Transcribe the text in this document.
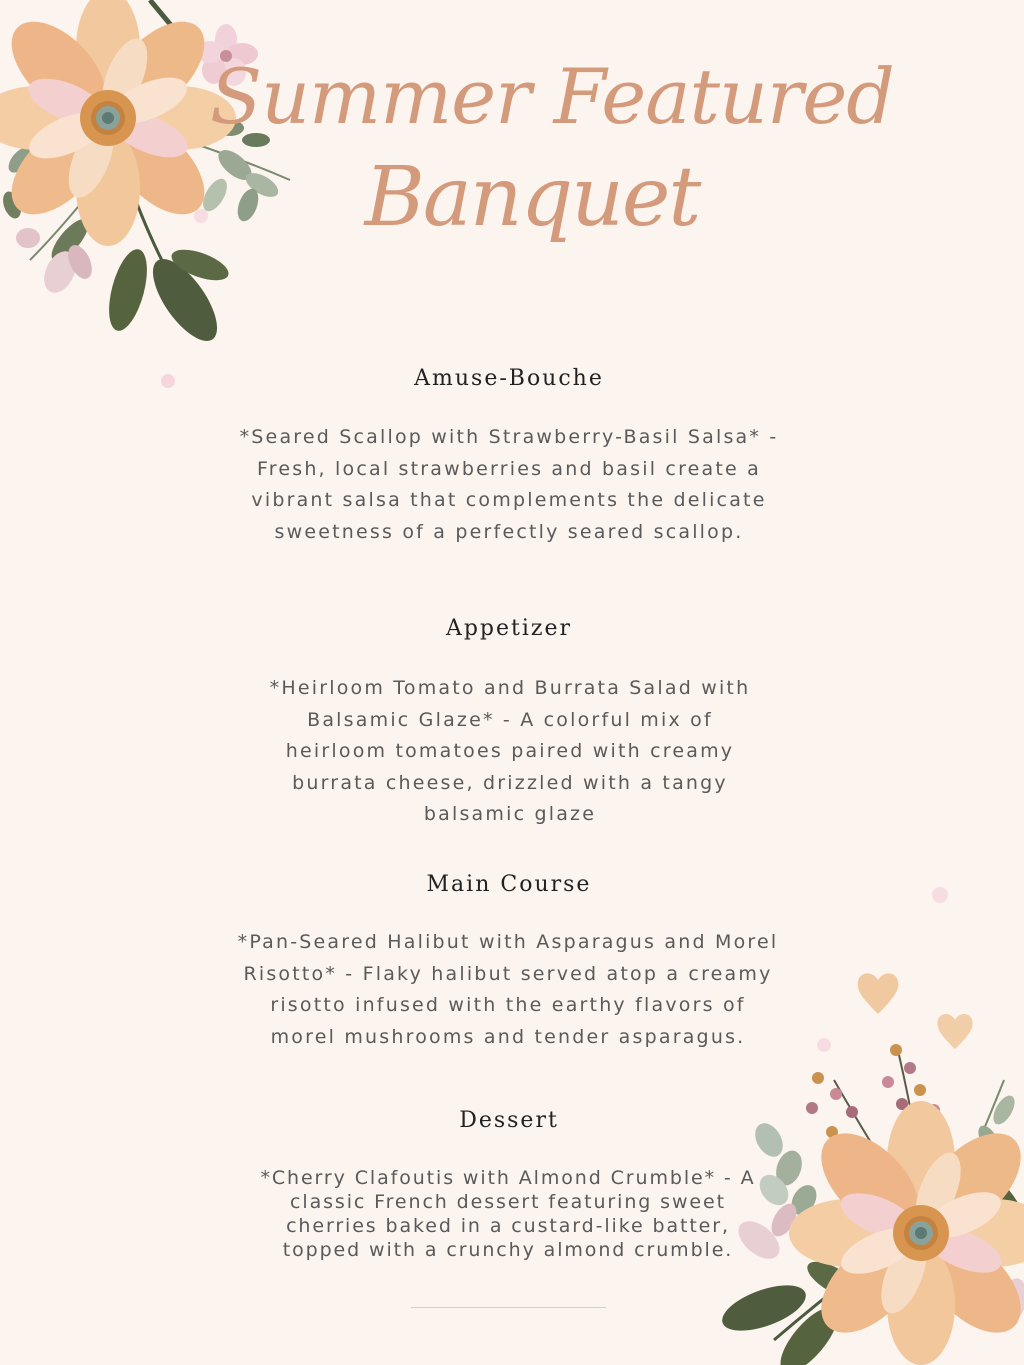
Summer Featured
Banquet
Amuse-Bouche
*Seared Scallop with Strawberry-Basil Salsa* - Fresh, local strawberries and basil create a vibrant salsa that complements the delicate sweetness of a perfectly seared scallop.
Appetizer
*Heirloom Tomato and Burrata Salad with Balsamic Glaze* - A colorful mix of heirloom tomatoes paired with creamy burrata cheese, drizzled with a tangy balsamic glaze
Main Course
*Pan-Seared Halibut with Asparagus and Morel Risotto* - Flaky halibut served atop a creamy risotto infused with the earthy flavors of morel mushrooms and tender asparagus.
Dessert
*Cherry Clafoutis with Almond Crumble* - A classic French dessert featuring sweet cherries baked in a custard-like batter, topped with a crunchy almond crumble.
